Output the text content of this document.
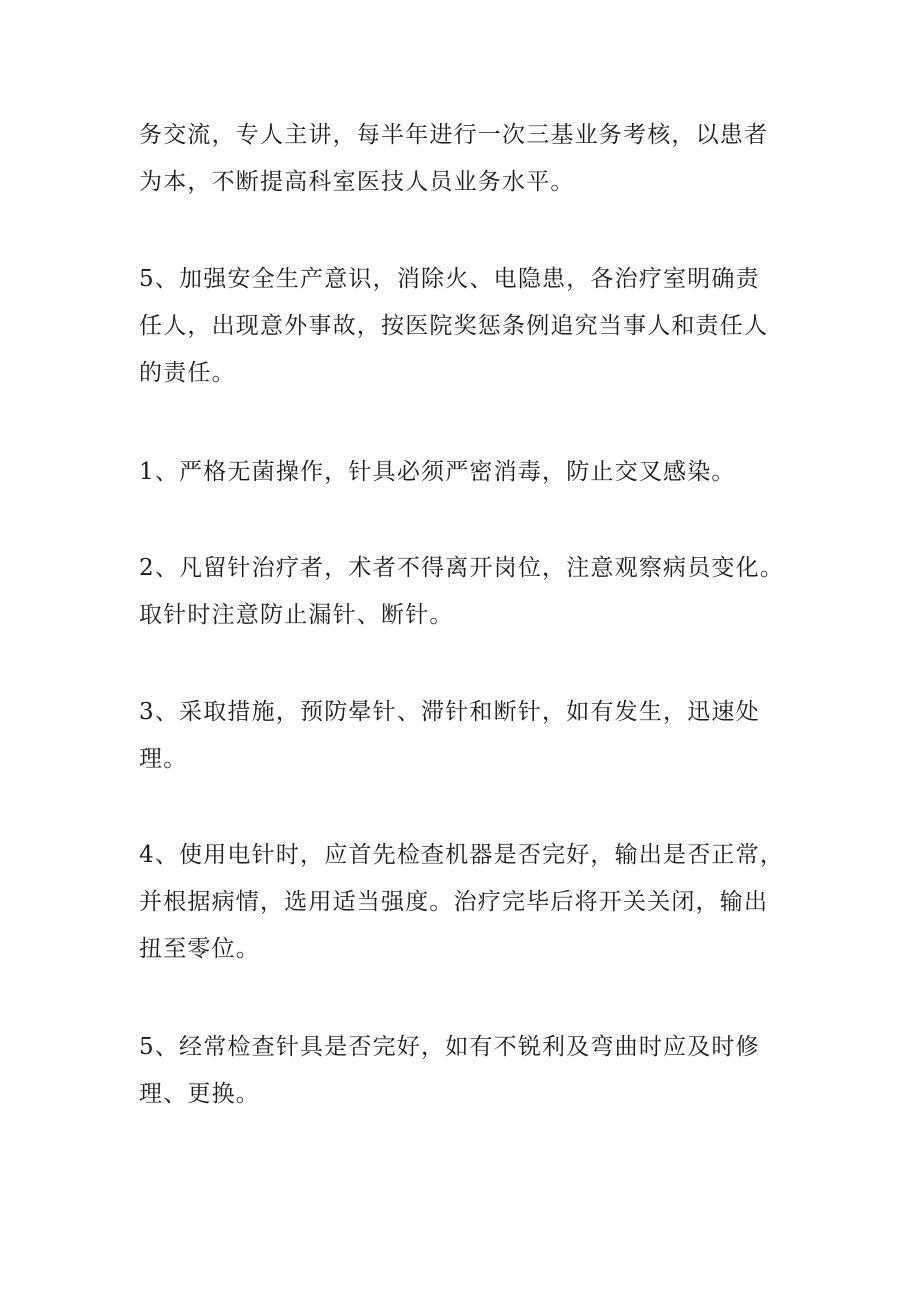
务交流，专人主讲，每半年进行一次三基业务考核，以患者
为本，不断提高科室医技人员业务水平。

5、加强安全生产意识，消除火、电隐患，各治疗室明确责
任人，出现意外事故，按医院奖惩条例追究当事人和责任人
的责任。

1、严格无菌操作，针具必须严密消毒，防止交叉感染。

2、凡留针治疗者，术者不得离开岗位，注意观察病员变化。
取针时注意防止漏针、断针。

3、采取措施，预防晕针、滞针和断针，如有发生，迅速处
理。

4、使用电针时，应首先检查机器是否完好，输出是否正常，
并根据病情，选用适当强度。治疗完毕后将开关关闭，输出
扭至零位。

5、经常检查针具是否完好，如有不锐利及弯曲时应及时修
理、更换。
